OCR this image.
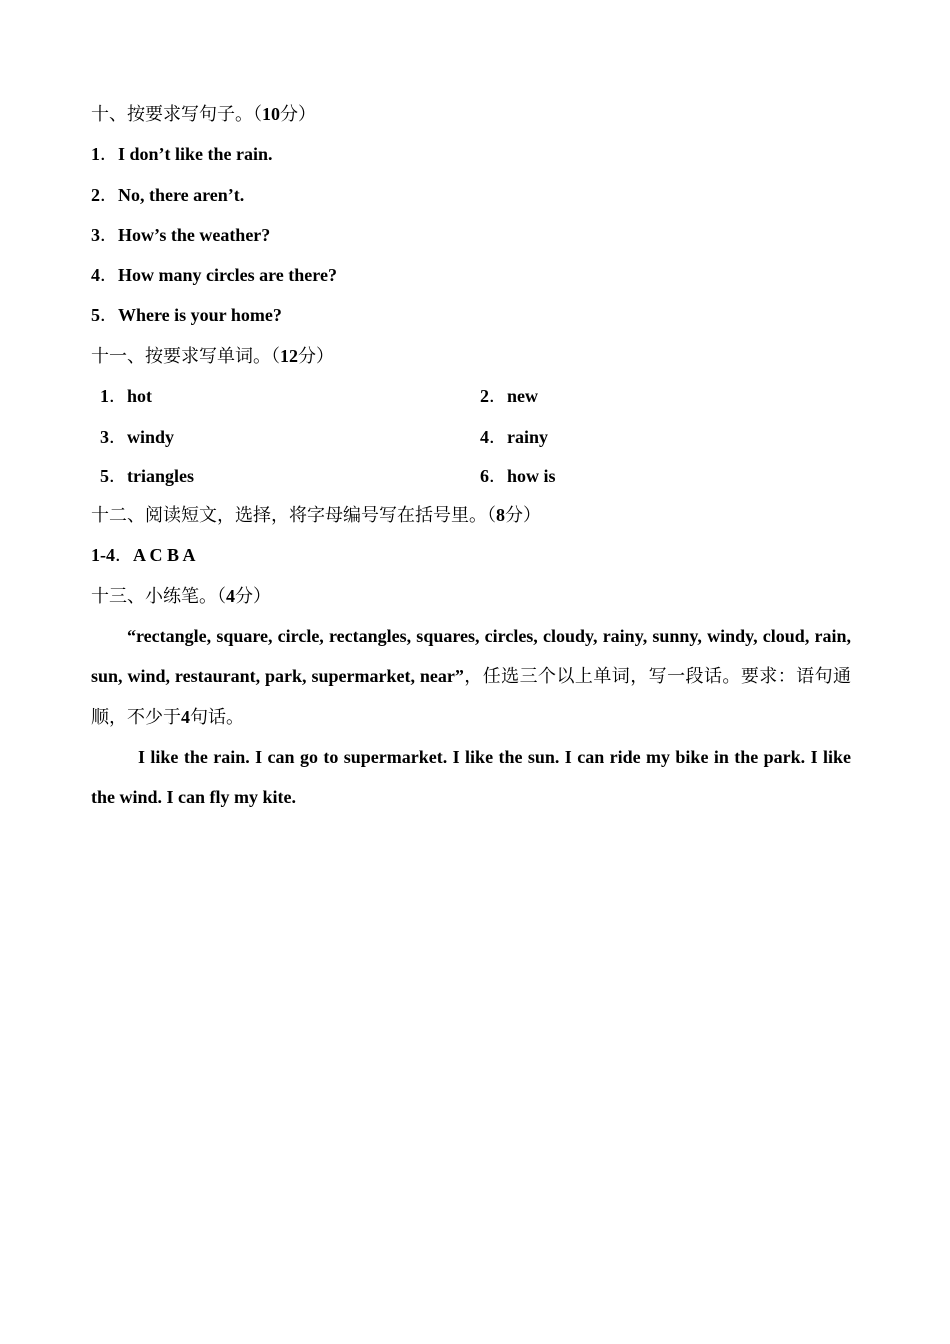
十、按要求写句子。（10分）
1．I don’t like the rain.
2．No, there aren’t.
3．How’s the weather?
4．How many circles are there?
5．Where is your home?
十一、按要求写单词。（12分）
1．hot	2．new
3．windy	4．rainy
5．triangles	6．how is
十二、阅读短文，选择，将字母编号写在括号里。（8分）
1-4．A C B A
十三、小练笔。（4分）
“rectangle, square, circle, rectangles, squares, circles, cloudy, rainy, sunny, windy, cloud, rain, sun, wind, restaurant, park, supermarket, near”，任选三个以上单词，写一段话。要求：语句通顺，不少于4句话。
I like the rain. I can go to supermarket. I like the sun. I can ride my bike in the park. I like the wind. I can fly my kite.
